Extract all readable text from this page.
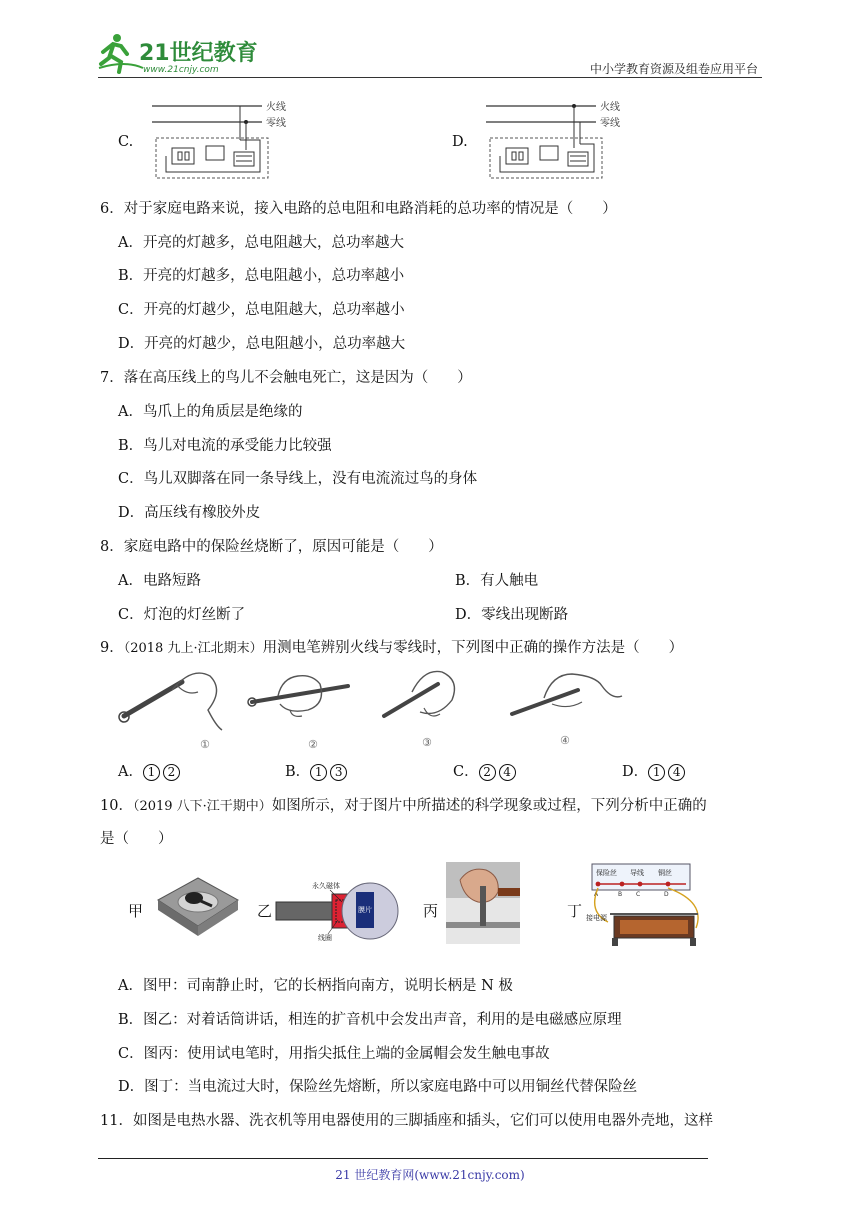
21世纪教育
www.21cnjy.com	中小学教育资源及组卷应用平台
C.	D.
火线
零线
火线
零线
6．对于家庭电路来说，接入电路的总电阻和电路消耗的总功率的情况是（　　）
A．开亮的灯越多，总电阻越大，总功率越大
B．开亮的灯越多，总电阻越小，总功率越小
C．开亮的灯越少，总电阻越大，总功率越小
D．开亮的灯越少，总电阻越小，总功率越大
7．落在高压线上的鸟儿不会触电死亡，这是因为（　　）
A．鸟爪上的角质层是绝缘的
B．鸟儿对电流的承受能力比较强
C．鸟儿双脚落在同一条导线上，没有电流流过鸟的身体
D．高压线有橡胶外皮
8．家庭电路中的保险丝烧断了，原因可能是（　　）
A．电路短路	B．有人触电
C．灯泡的灯丝断了	D．零线出现断路
9．（2018 九上·江北期末）用测电笔辨别火线与零线时，下列图中正确的操作方法是（　　）
①	②	③	④
A． 1 2	B． 1 3	C． 2 4	D． 1 4
10．（2019 八下·江干期中）如图所示，对于图片中所描述的科学现象或过程，下列分析中正确的
是（　　）
甲	乙	膜片
永久磁体
线圈
丙	丁
保险丝 导线 铜丝
A	B C	D
接电源
A．图甲：司南静止时，它的长柄指向南方，说明长柄是 N 极
B．图乙：对着话筒讲话，相连的扩音机中会发出声音，利用的是电磁感应原理
C．图丙：使用试电笔时，用指尖抵住上端的金属帽会发生触电事故
D．图丁：当电流过大时，保险丝先熔断，所以家庭电路中可以用铜丝代替保险丝
11．如图是电热水器、洗衣机等用电器使用的三脚插座和插头，它们可以使用电器外壳地，这样
21 世纪教育网(www.21cnjy.com)
